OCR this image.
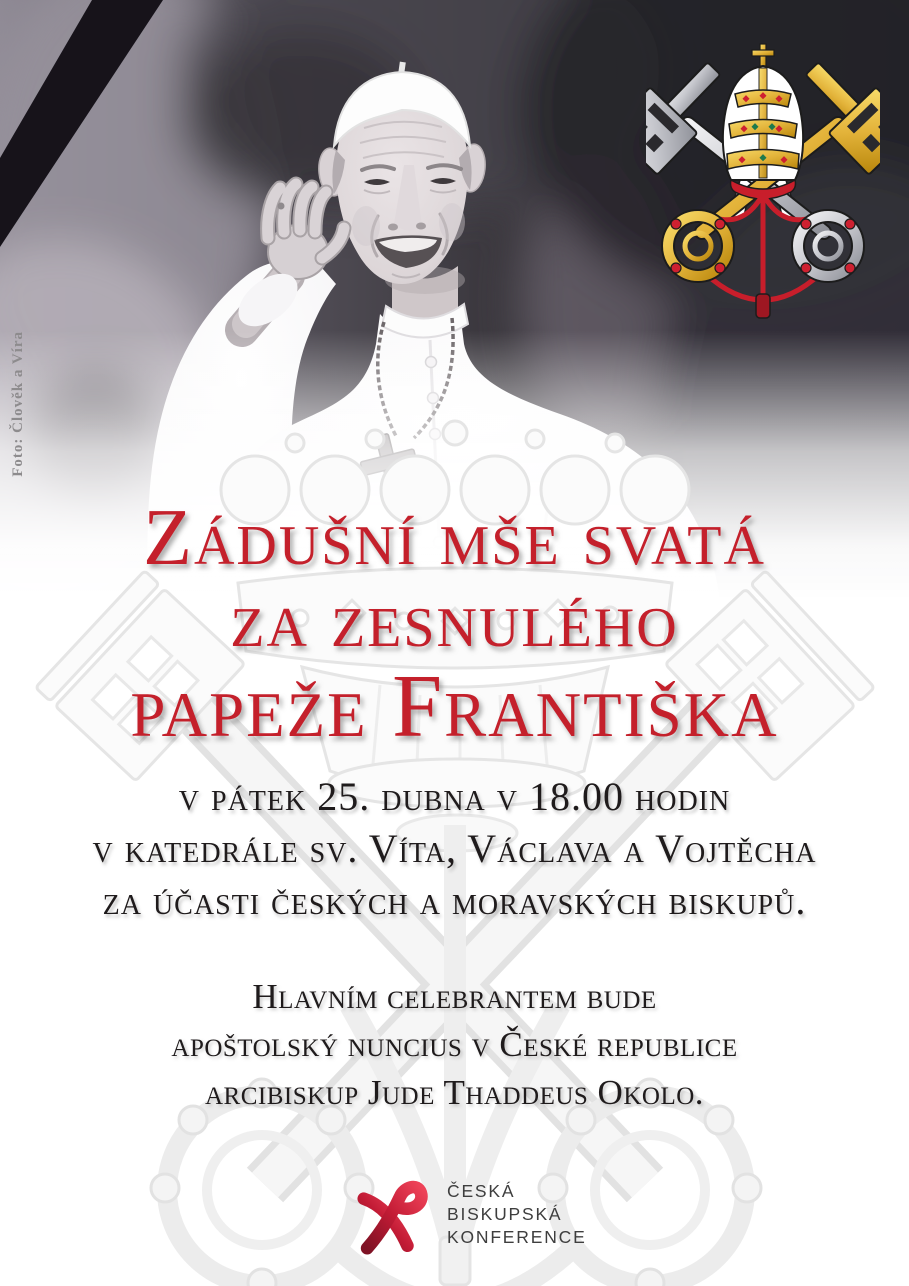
Foto: Člověk a Víra
Zádušní mše svatá
za zesnulého
papeže Františka
v pátek 25. dubna v 18.00 hodin
v katedrále sv. Víta, Václava a Vojtěcha
za účasti českých a moravských biskupů.
Hlavním celebrantem bude
apoštolský nuncius v České republice
arcibiskup Jude Thaddeus Okolo.
ČESKÁ
BISKUPSKÁ
KONFERENCE
